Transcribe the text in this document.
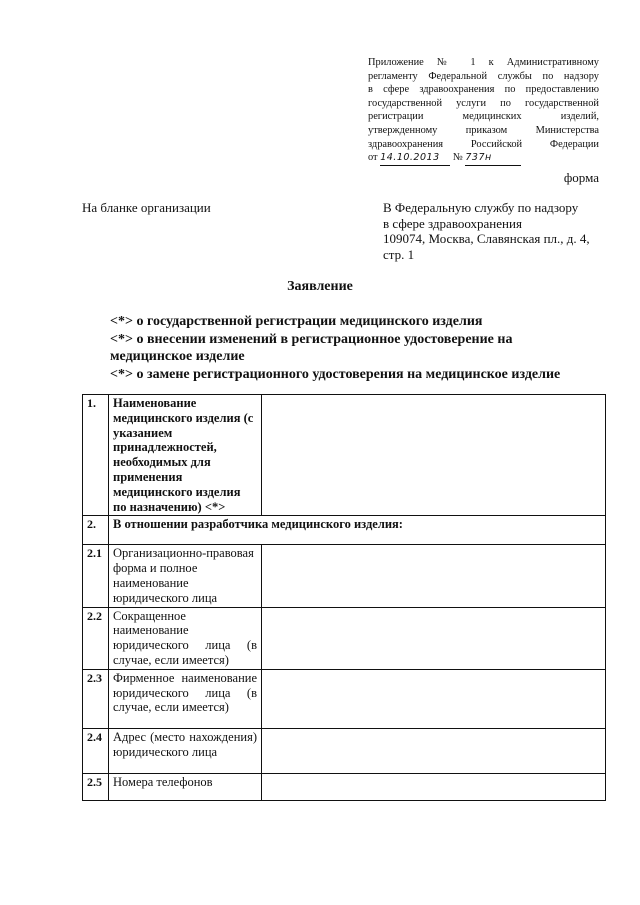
Приложение № 1 к Административному
регламенту Федеральной службы по надзору
в сфере здравоохранения по предоставлению
государственной услуги по государственной
регистрации медицинских изделий,
утвержденному приказом Министерства
здравоохранения Российской Федерации
от 14.10.2013 № 737н
форма
На бланке организации	В Федеральную службу по надзору
в сфере здравоохранения
109074, Москва, Славянская пл., д. 4,
стр. 1
Заявление
<*> о государственной регистрации медицинского изделия
<*> о внесении изменений в регистрационное удостоверение на
медицинское изделие
<*> о замене регистрационного удостоверения на медицинское изделие
1.	Наименование медицинского изделия (с указанием принадлежностей, необходимых для применения медицинского изделия по назначению) <*>	
2.	В отношении разработчика медицинского изделия:	
2.1	Организационно-правовая форма и полное наименование юридического лица	
2.2	Сокращенное наименование юридического лица (в случае, если имеется)	
2.3	Фирменное наименование юридического лица (в случае, если имеется)	
2.4	Адрес (место нахождения) юридического лица	
2.5	Номера телефонов	
